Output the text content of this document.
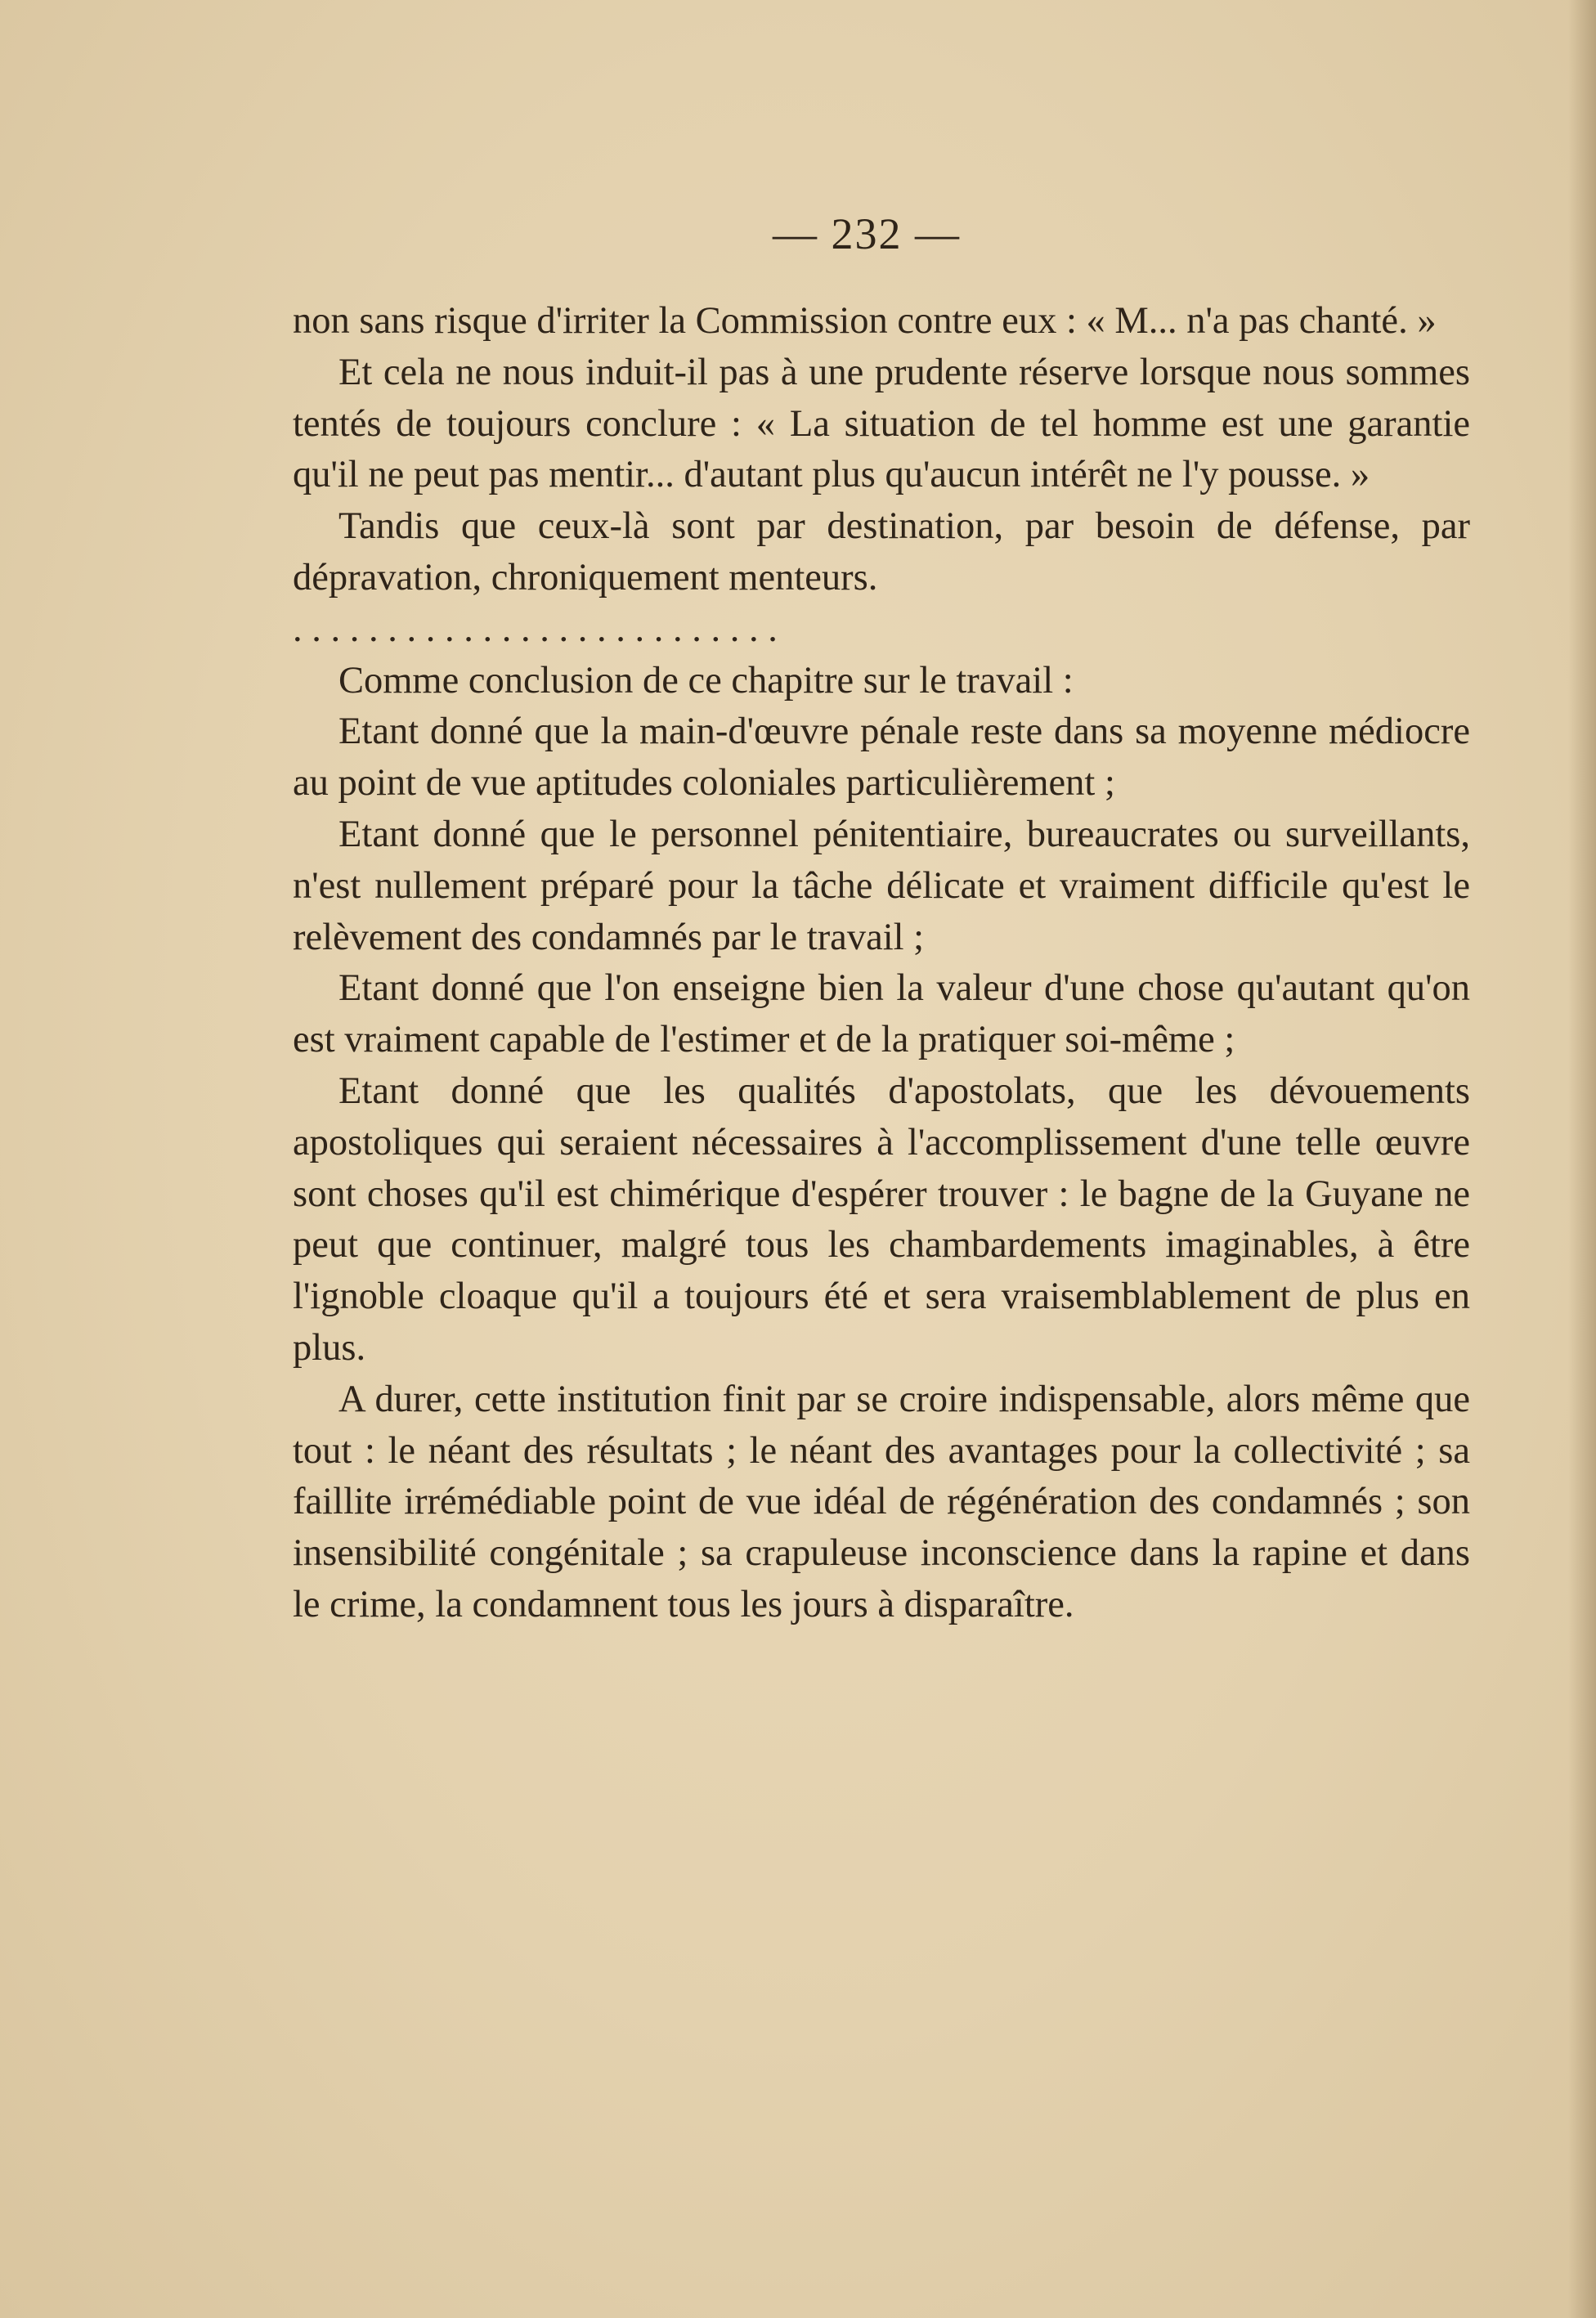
— 232 —

non sans risque d'irriter la Commission contre eux : « M... n'a pas chanté. »

Et cela ne nous induit-il pas à une prudente réserve lorsque nous sommes tentés de toujours conclure : « La situation de tel homme est une garantie qu'il ne peut pas mentir... d'autant plus qu'aucun intérêt ne l'y pousse. »

Tandis que ceux-là sont par destination, par besoin de défense, par dépravation, chroniquement menteurs.

. . . . . . . . . . . . . . . . . . . . . . . . . .

Comme conclusion de ce chapitre sur le travail :

Etant donné que la main-d'œuvre pénale reste dans sa moyenne médiocre au point de vue aptitudes coloniales particulièrement ;

Etant donné que le personnel pénitentiaire, bureaucrates ou surveillants, n'est nullement préparé pour la tâche délicate et vraiment difficile qu'est le relèvement des condamnés par le travail ;

Etant donné que l'on enseigne bien la valeur d'une chose qu'autant qu'on est vraiment capable de l'estimer et de la pratiquer soi-même ;

Etant donné que les qualités d'apostolats, que les dévouements apostoliques qui seraient nécessaires à l'accomplissement d'une telle œuvre sont choses qu'il est chimérique d'espérer trouver : le bagne de la Guyane ne peut que continuer, malgré tous les chambardements imaginables, à être l'ignoble cloaque qu'il a toujours été et sera vraisemblablement de plus en plus.

A durer, cette institution finit par se croire indispensable, alors même que tout : le néant des résultats ; le néant des avantages pour la collectivité ; sa faillite irrémédiable point de vue idéal de régénération des condamnés ; son insensibilité congénitale ; sa crapuleuse inconscience dans la rapine et dans le crime, la condamnent tous les jours à disparaître.
